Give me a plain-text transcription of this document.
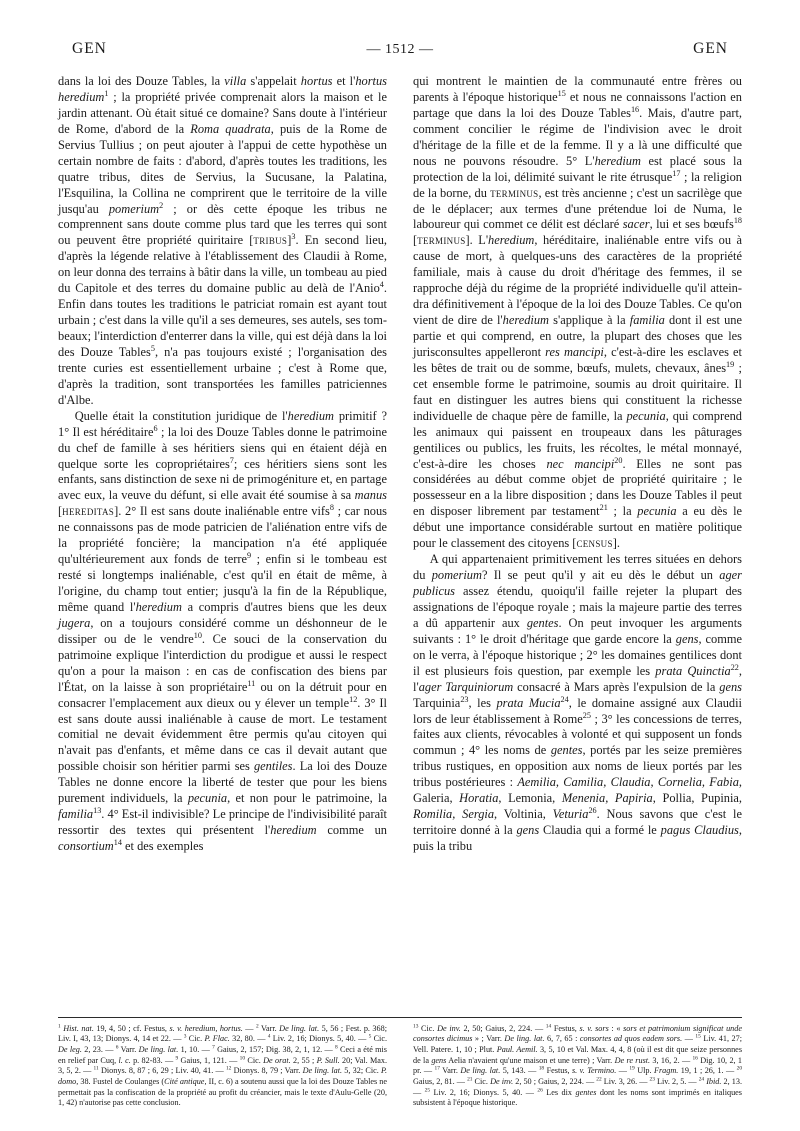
GEN	— 1512 —	GEN

dans la loi des Douze Tables, la villa s'appelait hortus et l'hortus heredium$^1$ ; la propriété privée comprenait alors la maison et le jardin attenant. Où était situé ce domaine? Sans doute à l'intérieur de Rome, d'abord de la Roma quadrata, puis de la Rome de Servius Tullius ; on peut ajouter à l'appui de cette hypothèse un certain nombre de faits : d'abord, d'après toutes les traditions, les quatre tribus, dites de Servius, la Sucusane, la Palatina, l'Esquilina, la Collina ne comprirent que le territoire de la ville jusqu'au pomerium$^2$ ; or dès cette époque les tribus ne comprennent sans doute comme plus tard que les terres qui sont ou peuvent être propriété quiritaire [tribus]$^3$. En second lieu, d'après la légende relative à l'établissement des Claudii à Rome, on leur donna des terrains à bâtir dans la ville, un tombeau au pied du Capitole et des terres du domaine public au delà de l'Anio$^4$. Enfin dans toutes les traditions le patriciat romain est ayant tout urbain ; c'est dans la ville qu'il a ses demeures, ses autels, ses tombeaux; l'interdiction d'enterrer dans la ville, qui est déjà dans la loi des Douze Tables$^5$, n'a pas toujours existé ; l'organisation des trente curies est essentiellement urbaine ; c'est à Rome que, d'après la tradition, sont transportées les familles patriciennes d'Albe.

Quelle était la constitution juridique de l'heredium primitif ? 1° Il est héréditaire$^6$ ; la loi des Douze Tables donne le patrimoine du chef de famille à ses héritiers siens qui en étaient déjà en quelque sorte les copropriétaires$^7$; ces héritiers siens sont les enfants, sans distinction de sexe ni de primogéniture et, en partage avec eux, la veuve du défunt, si elle avait été soumise à sa manus [hereditas]. 2° Il est sans doute inaliénable entre vifs$^8$ ; car nous ne connaissons pas de mode patricien de l'aliénation entre vifs de la propriété foncière; la mancipation n'a été appliquée qu'ultérieurement aux fonds de terre$^9$ ; enfin si le tombeau est resté si longtemps inaliénable, c'est qu'il en était de même, à l'origine, du champ tout entier; jusqu'à la fin de la République, même quand l'heredium a compris d'autres biens que les deux jugera, on a toujours considéré comme un déshonneur de le dissiper ou de le vendre$^{10}$. Ce souci de la conservation du patrimoine explique l'interdiction du prodigue et aussi le respect qu'on a pour la maison : en cas de confiscation des biens par l'État, on la laisse à son propriétaire$^{11}$ ou on la détruit pour en consacrer l'emplacement aux dieux ou y élever un temple$^{12}$. 3° Il est sans doute aussi inaliénable à cause de mort. Le testament comitial ne devait évidemment être permis qu'au citoyen qui n'avait pas d'enfants, et même dans ce cas il devait autant que possible choisir son héritier parmi ses gentiles. La loi des Douze Tables ne donne encore la liberté de tester que pour les biens purement individuels, la pecunia, et non pour le patrimoine, la familia$^{13}$. 4° Est-il indivisible? Le principe de l'indivisibilité paraît ressortir des textes qui présentent l'heredium comme un consortium$^{14}$ et des exemples

qui montrent le maintien de la communauté entre frères ou parents à l'époque historique$^{15}$ et nous ne connaissons l'action en partage que dans la loi des Douze Tables$^{16}$. Mais, d'autre part, comment concilier le régime de l'indivision avec le droit d'héritage de la fille et de la femme. Il y a là une difficulté que nous ne pouvons résoudre. 5° L'heredium est placé sous la protection de la loi, délimité suivant le rite étrusque$^{17}$ ; la religion de la borne, du terminus, est très ancienne ; c'est un sacrilège que de le déplacer; aux termes d'une prétendue loi de Numa, le laboureur qui commet ce délit est déclaré sacer, lui et ses bœufs$^{18}$ [terminus]. L'heredium, héréditaire, inaliénable entre vifs ou à cause de mort, à quelques-uns des caractères de la propriété familiale, mais à cause du droit d'héritage des femmes, il se rapproche déjà du régime de la propriété individuelle qu'il atteindra définitivement à l'époque de la loi des Douze Tables. Ce qu'on vient de dire de l'heredium s'applique à la familia dont il est une partie et qui comprend, en outre, la plupart des choses que les jurisconsultes appelleront res mancipi, c'est-à-dire les esclaves et les bêtes de trait ou de somme, bœufs, mulets, chevaux, ânes$^{19}$ ; cet ensemble forme le patrimoine, soumis au droit quiritaire. Il faut en distinguer les autres biens qui constituent la richesse individuelle de chaque père de famille, la pecunia, qui comprend les animaux qui paissent en troupeaux dans les pâturages gentilices ou publics, les fruits, les récoltes, le métal monnayé, c'est-à-dire les choses nec mancipi$^{20}$. Elles ne sont pas considérées au début comme objet de propriété quiritaire ; le possesseur en a la libre disposition ; dans les Douze Tables il peut en disposer librement par testament$^{21}$ ; la pecunia a eu dès le début une importance considérable surtout en matière politique pour le classement des citoyens [census].

A qui appartenaient primitivement les terres situées en dehors du pomerium? Il se peut qu'il y ait eu dès le début un ager publicus assez étendu, quoiqu'il faille rejeter la plupart des assignations de l'époque royale ; mais la majeure partie des terres a dû appartenir aux gentes. On peut invoquer les arguments suivants : 1° le droit d'héritage que garde encore la gens, comme on le verra, à l'époque historique ; 2° les domaines gentilices dont il est plusieurs fois question, par exemple les prata Quinctia$^{22}$, l'ager Tarquiniorum consacré à Mars après l'expulsion de la gens Tarquinia$^{23}$, les prata Mucia$^{24}$, le domaine assigné aux Claudii lors de leur établissement à Rome$^{25}$ ; 3° les concessions de terres, faites aux clients, révocables à volonté et qui supposent un fonds commun ; 4° les noms de gentes, portés par les seize premières tribus rustiques, en opposition aux noms de lieux portés par les tribus postérieures : Aemilia, Camilia, Claudia, Cornelia, Fabia, Galeria, Horatia, Lemonia, Menenia, Papiria, Pollia, Pupinia, Romilia, Sergia, Voltinia, Veturia$^{26}$. Nous savons que c'est le territoire donné à la gens Claudia qui a formé le pagus Claudius, puis la tribu

$^1$ Hist. nat. 19, 4, 50 ; cf. Festus, s. v. heredium, hortus. — $^2$ Varr. De ling. lat. 5, 56 ; Fest. p. 368; Liv. I, 43, 13; Dionys. 4, 14 et 22. — $^3$ Cic. P. Flac. 32, 80. — $^4$ Liv. 2, 16; Dionys. 5, 40. — $^5$ Cic. De leg. 2, 23. — $^6$ Varr. De ling. lat. 1, 10. — $^7$ Gaius, 2, 157; Dig. 38, 2, 1, 12. — $^8$ Ceci a été mis en relief par Cuq, l. c. p. 82-83. — $^9$ Gaius, 1, 121. — $^{10}$ Cic. De orat. 2, 55 ; P. Sull. 20; Val. Max. 3, 5, 2. — $^{11}$ Dionys. 8, 87 ; 6, 29 ; Liv. 40, 41. — $^{12}$ Dionys. 8, 79 ; Varr. De ling. lat. 5, 32; Cic. P. domo, 38. Fustel de Coulanges (Cité antique, II, c. 6) a soutenu aussi que la loi des Douze Tables ne permettait pas la confiscation de la propriété au profit du créancier, mais le texte d'Aulu-Gelle (20, 1, 42) n'autorise pas cette conclusion.

$^{13}$ Cic. De inv. 2, 50; Gaius, 2, 224. — $^{14}$ Festus, s. v. sors : « sors et patrimonium significat unde consortes dicimus » ; Varr. De ling. lat. 6, 7, 65 : consortes ad quos eadem sors. — $^{15}$ Liv. 41, 27; Vell. Patere. 1, 10 ; Plut. Paul. Aemil. 3, 5, 10 et Val. Max. 4, 4, 8 (où il est dit que seize personnes de la gens Aelia n'avaient qu'une maison et une terre) ; Varr. De re rust. 3, 16, 2. — $^{16}$ Dig. 10, 2, 1 pr. — $^{17}$ Varr. De ling. lat. 5, 143. — $^{18}$ Festus, s. v. Termino. — $^{19}$ Ulp. Fragm. 19, 1 ; 26, 1. — $^{20}$ Gaius, 2, 81. — $^{21}$ Cic. De inv. 2, 50 ; Gaius, 2, 224. — $^{22}$ Liv. 3, 26. — $^{23}$ Liv. 2, 5. — $^{24}$ Ibid. 2, 13. — $^{25}$ Liv. 2, 16; Dionys. 5, 40. — $^{26}$ Les dix gentes dont les noms sont imprimés en italiques subsistent à l'époque historique.
